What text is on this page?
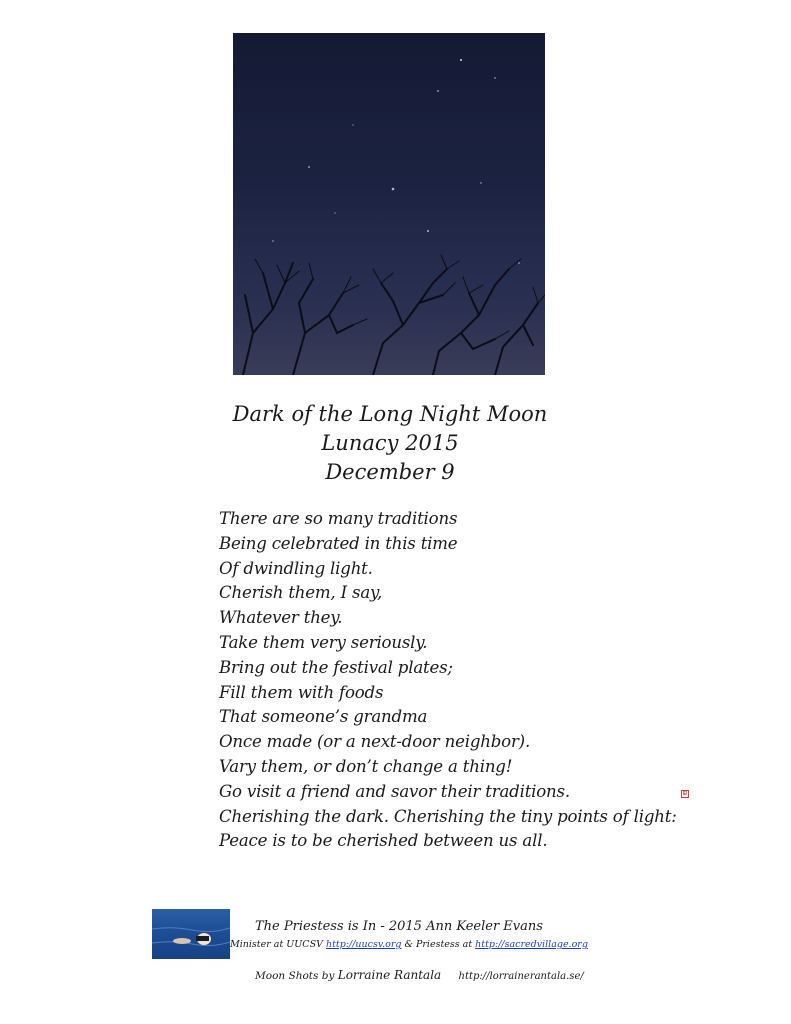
Dark of the Long Night Moon
Lunacy 2015
December 9
There are so many traditions
Being celebrated in this time
Of dwindling light.
Cherish them, I say,
Whatever they.
Take them very seriously.
Bring out the festival plates;
Fill them with foods
That someone’s grandma
Once made (or a next-door neighbor).
Vary them, or don’t change a thing!
Go visit a friend and savor their traditions.
Cherishing the dark. Cherishing the tiny points of light:
Peace is to be cherished between us all.
⊞
The Priestess is In - 2015 Ann Keeler Evans
Minister at UUCSV http://uucsv.org & Priestess at http://sacredvillage.org
Moon Shots by Lorraine Rantala http://lorrainerantala.se/
